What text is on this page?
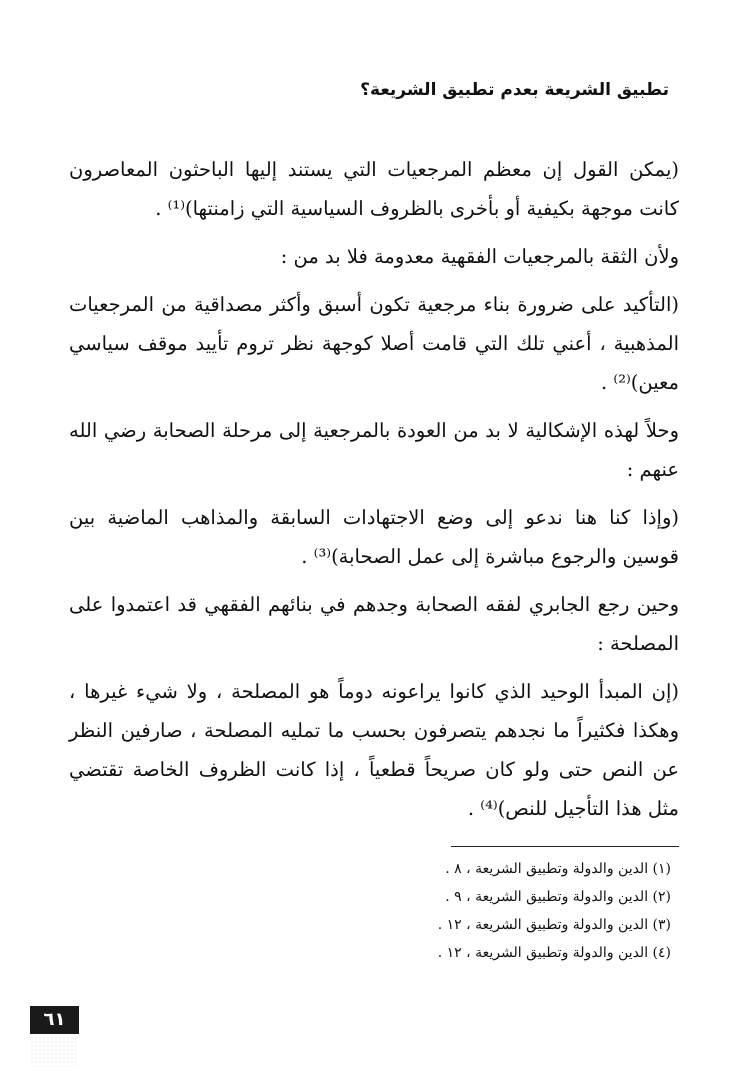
تطبيق الشريعة بعدم تطبيق الشريعة؟

(يمكن القول إن معظم المرجعيات التي يستند إليها الباحثون المعاصرون كانت موجهة بكيفية أو بأخرى بالظروف السياسية التي زامنتها)⁽¹⁾ .

ولأن الثقة بالمرجعيات الفقهية معدومة فلا بد من :

(التأكيد على ضرورة بناء مرجعية تكون أسبق وأكثر مصداقية من المرجعيات المذهبية ، أعني تلك التي قامت أصلا كوجهة نظر تروم تأييد موقف سياسي معين)⁽²⁾ .

وحلاً لهذه الإشكالية لا بد من العودة بالمرجعية إلى مرحلة الصحابة رضي الله عنهم :

(وإذا كنا هنا ندعو إلى وضع الاجتهادات السابقة والمذاهب الماضية بين قوسين والرجوع مباشرة إلى عمل الصحابة)⁽³⁾ .

وحين رجع الجابري لفقه الصحابة وجدهم في بنائهم الفقهي قد اعتمدوا على المصلحة :

(إن المبدأ الوحيد الذي كانوا يراعونه دوماً هو المصلحة ، ولا شيء غيرها ، وهكذا فكثيراً ما نجدهم يتصرفون بحسب ما تمليه المصلحة ، صارفين النظر عن النص حتى ولو كان صريحاً قطعياً ، إذا كانت الظروف الخاصة تقتضي مثل هذا التأجيل للنص)⁽⁴⁾ .

(١) الدين والدولة وتطبيق الشريعة ، ٨ .
(٢) الدين والدولة وتطبيق الشريعة ، ٩ .
(٣) الدين والدولة وتطبيق الشريعة ، ١٢ .
(٤) الدين والدولة وتطبيق الشريعة ، ١٢ .
٦١
